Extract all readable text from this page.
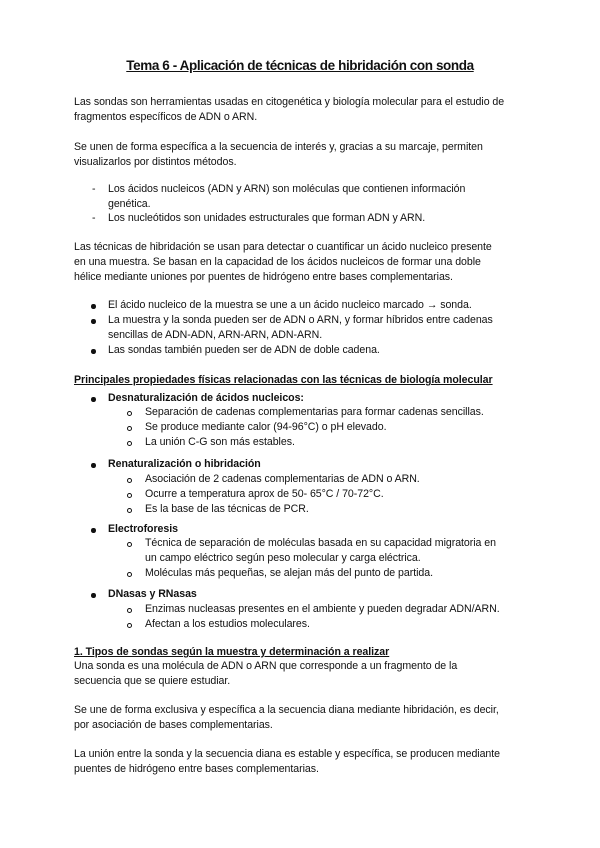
Tema 6 - Aplicación de técnicas de hibridación con sonda
Las sondas son herramientas usadas en citogenética y biología molecular para el estudio de
fragmentos específicos de ADN o ARN.
Se unen de forma específica a la secuencia de interés y, gracias a su marcaje, permiten
visualizarlos por distintos métodos.
- Los ácidos nucleicos (ADN y ARN) son moléculas que contienen información
genética.
- Los nucleótidos son unidades estructurales que forman ADN y ARN.
Las técnicas de hibridación se usan para detectar o cuantificar un ácido nucleico presente
en una muestra. Se basan en la capacidad de los ácidos nucleicos de formar una doble
hélice mediante uniones por puentes de hidrógeno entre bases complementarias.
El ácido nucleico de la muestra se une a un ácido nucleico marcado → sonda.
La muestra y la sonda pueden ser de ADN o ARN, y formar híbridos entre cadenas
sencillas de ADN-ADN, ARN-ARN, ADN-ARN.
Las sondas también pueden ser de ADN de doble cadena.
Principales propiedades físicas relacionadas con las técnicas de biología molecular
Desnaturalización de ácidos nucleicos:
Separación de cadenas complementarias para formar cadenas sencillas.
Se produce mediante calor (94-96°C) o pH elevado.
La unión C-G son más estables.
Renaturalización o hibridación
Asociación de 2 cadenas complementarias de ADN o ARN.
Ocurre a temperatura aprox de 50- 65°C / 70-72°C.
Es la base de las técnicas de PCR.
Electroforesis
Técnica de separación de moléculas basada en su capacidad migratoria en
un campo eléctrico según peso molecular y carga eléctrica.
Moléculas más pequeñas, se alejan más del punto de partida.
DNasas y RNasas
Enzimas nucleasas presentes en el ambiente y pueden degradar ADN/ARN.
Afectan a los estudios moleculares.
1. Tipos de sondas según la muestra y determinación a realizar
Una sonda es una molécula de ADN o ARN que corresponde a un fragmento de la
secuencia que se quiere estudiar.
Se une de forma exclusiva y específica a la secuencia diana mediante hibridación, es decir,
por asociación de bases complementarias.
La unión entre la sonda y la secuencia diana es estable y específica, se producen mediante
puentes de hidrógeno entre bases complementarias.
